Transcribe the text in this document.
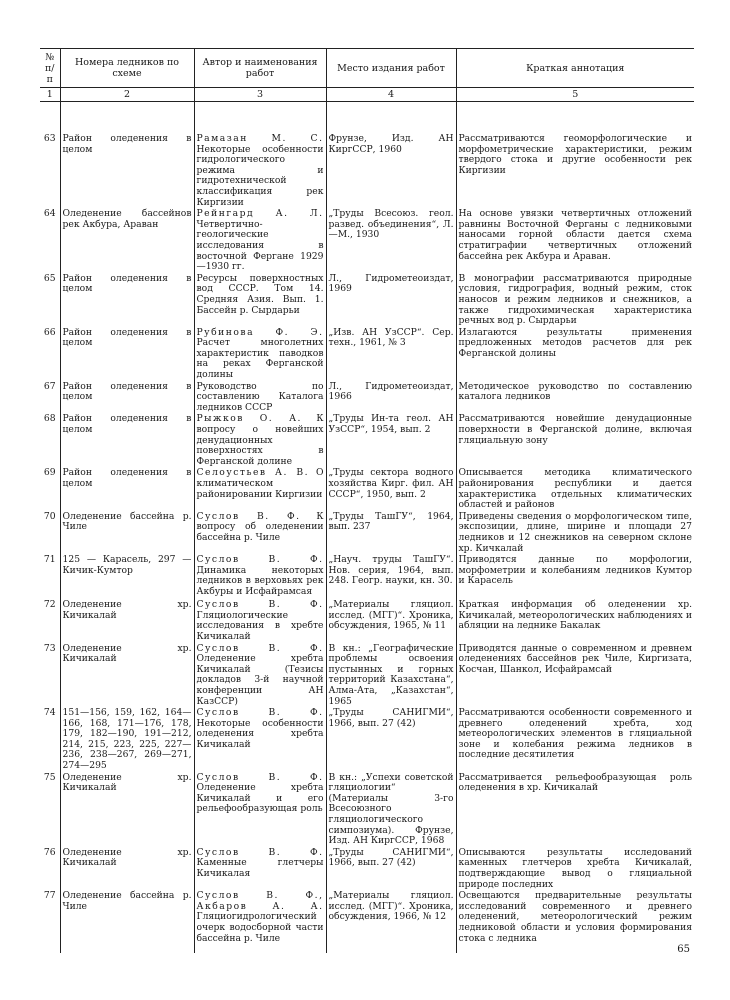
№ п/п	Номера ледников по схеме	Автор и наименования работ	Место издания работ	Краткая аннотация
1	2	3	4	5

63	Район оледенения в целом	Рамазан М. С. Некоторые особенности гидрологического режима и гидротехнической классификация рек Киргизии	Фрунзе, Изд. АН КиргССР, 1960	Рассматриваются геоморфологические и морфометрические характеристики, режим твердого стока и другие особенности рек Киргизии
64	Оледенение бассейнов рек Акбура, Араван	Рейнгард А. Л. Четвертично-геологические исследования в восточной Фергане 1929—1930 гг.	„Труды Всесоюз. геол. развед. объединения“, Л.—М., 1930	На основе увязки четвертичных отложений равнины Восточной Ферганы с ледниковыми наносами горной области дается схема стратиграфии четвертичных отложений бассейна рек Акбура и Араван.
65	Район оледенения в целом	Ресурсы поверхностных вод СССР. Том 14. Средняя Азия. Вып. 1. Бассейн р. Сырдарьи	Л., Гидрометеоиздат, 1969	В монографии рассматриваются природные условия, гидрография, водный режим, сток наносов и режим ледников и снежников, а также гидрохимическая характеристика речных вод р. Сырдарьи
66	Район оледенения в целом	Рубинова Ф. Э. Расчет многолетних характеристик паводков на реках Ферганской долины	„Изв. АН УзССР“. Сер. техн., 1961, № 3	Излагаются результаты применения предложенных методов расчетов для рек Ферганской долины
67	Район оледенения в целом	Руководство по составлению Каталога ледников СССР	Л., Гидрометеоиздат, 1966	Методическое руководство по составлению каталога ледников
68	Район оледенения в целом	Рыжков О. А. К вопросу о новейших денудационных поверхностях в Ферганской долине	„Труды Ин-та геол. АН УзССР“, 1954, вып. 2	Рассматриваются новейшие денудационные поверхности в Ферганской долине, включая гляциальную зону
69	Район оледенения в целом	Селоустьев А. В. О климатическом районировании Киргизии	„Труды сектора водного хозяйства Кирг. фил. АН СССР“, 1950, вып. 2	Описывается методика климатического районирования республики и дается характеристика отдельных климатических областей и районов
70	Оледенение бассейна р. Чиле	Суслов В. Ф. К вопросу об оледенении бассейна р. Чиле	„Труды ТашГУ“, 1964, вып. 237	Приведены сведения о морфологическом типе, экспозиции, длине, ширине и площади 27 ледников и 12 снежников на северном склоне хр. Кичкалай
71	125 — Карасель, 297 — Кичик-Кумтор	Суслов В. Ф. Динамика некоторых ледников в верховьях рек Акбуры и Исфайрамсая	„Науч. труды ТашГУ“. Нов. серия, 1964, вып. 248. Геогр. науки, кн. 30.	Приводятся данные по морфологии, морфометрии и колебаниям ледников Кумтор и Карасель
72	Оледенение хр. Кичикалай	Суслов В. Ф. Гляциологические исследования в хребте Кичикалай	„Материалы гляциол. исслед. (МГГ)“. Хроника, обсуждения, 1965, № 11	Краткая информация об оледенении хр. Кичикалай, метеорологических наблюдениях и абляции на леднике Бакалак
73	Оледенение хр. Кичикалай	Суслов В. Ф. Оледенение хребта Кичикалай (Тезисы докладов 3-й научной конференции АН КазССР)	В кн.: „Географические проблемы освоения пустынных и горных территорий Казахстана“, Алма-Ата, „Казахстан“, 1965	Приводятся данные о современном и древнем оледенениях бассейнов рек Чиле, Киргизата, Косчан, Шанкол, Исфайрамсай
74	151—156, 159, 162, 164—166, 168, 171—176, 178, 179, 182—190, 191—212, 214, 215, 223, 225, 227—236, 238—267, 269—271, 274—295	Суслов В. Ф. Некоторые особенности оледенения хребта Кичикалай	„Труды САНИГМИ“, 1966, вып. 27 (42)	Рассматриваются особенности современного и древнего оледенений хребта, ход метеорологических элементов в гляциальной зоне и колебания режима ледников в последние десятилетия
75	Оледенение хр. Кичикалай	Суслов В. Ф. Оледенение хребта Кичикалай и его рельефообразующая роль	В кн.: „Успехи советской гляциологии“ (Материалы 3-го Всесоюзного гляциологического симпозиума). Фрунзе, Изд. АН КиргССР, 1968	Рассматривается рельефообразующая роль оледенения в хр. Кичикалай
76	Оледенение хр. Кичикалай	Суслов В. Ф. Каменные глетчеры Кичикалая	„Труды САНИГМИ“, 1966, вып. 27 (42)	Описываются результаты исследований каменных глетчеров хребта Кичикалай, подтверждающие вывод о гляциальной природе последних
77	Оледенение бассейна р. Чиле	Суслов В. Ф., Акбаров А. А. Гляциогидрологический очерк водосборной части бассейна р. Чиле	„Материалы гляциол. исслед. (МГГ)“. Хроника, обсуждения, 1966, № 12	Освещаются предварительные результаты исследований современного и древнего оледенений, метеорологический режим ледниковой области и условия формирования стока с ледника
65
